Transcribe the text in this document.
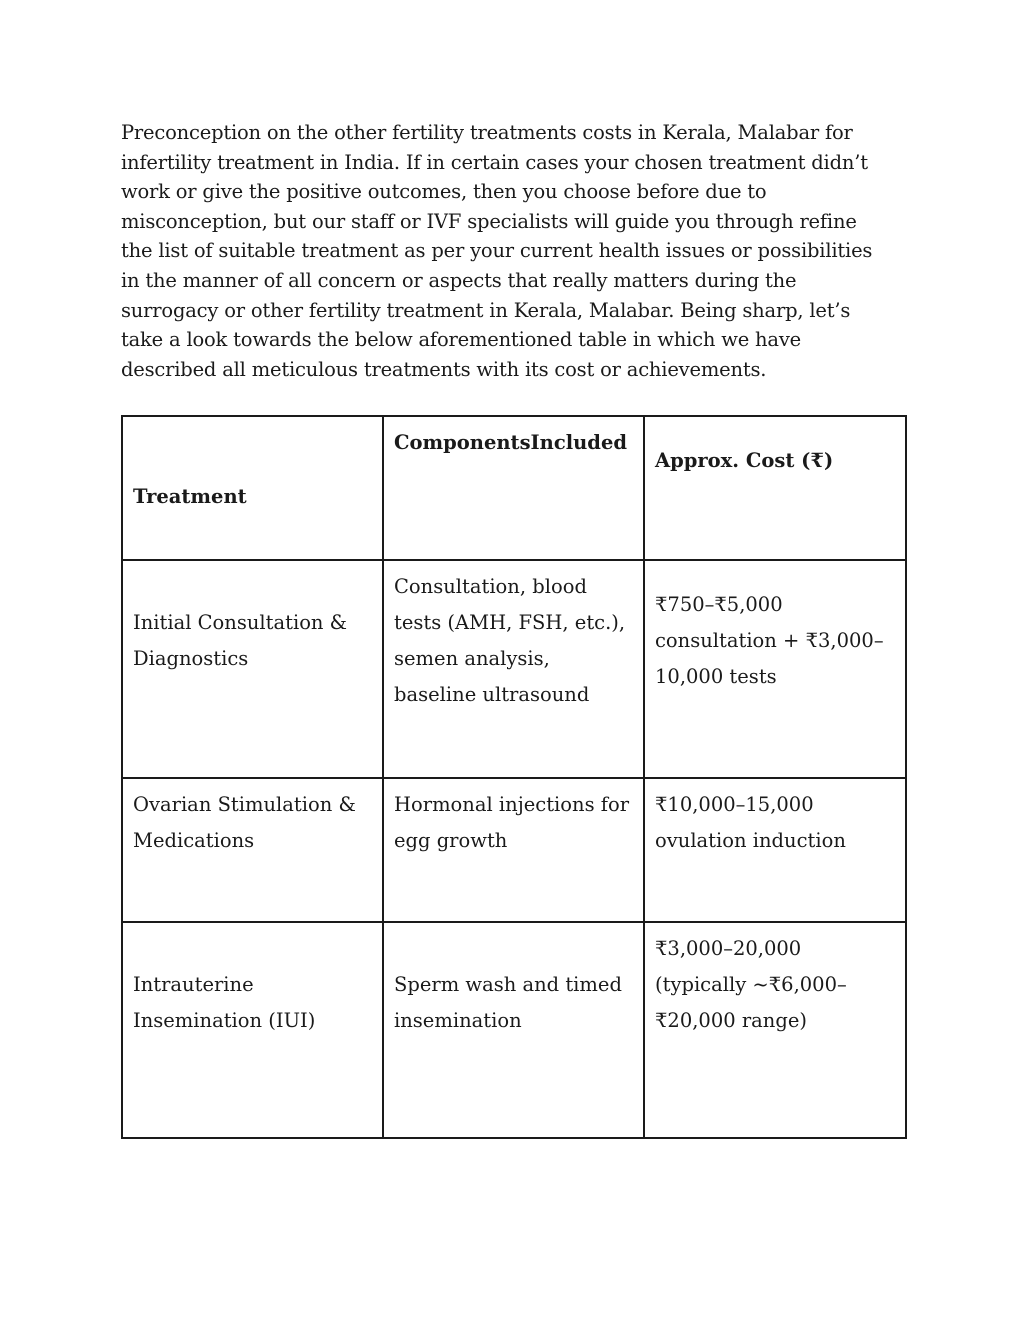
Preconception on the other fertility treatments costs in Kerala, Malabar for infertility treatment in India. If in certain cases your chosen treatment didn’t work or give the positive outcomes, then you choose before due to misconception, but our staff or IVF specialists will guide you through refine the list of suitable treatment as per your current health issues or possibilities in the manner of all concern or aspects that really matters during the surrogacy or other fertility treatment in Kerala, Malabar. Being sharp, let’s take a look towards the below aforementioned table in which we have described all meticulous treatments with its cost or achievements.

Treatment	ComponentsIncluded	Approx. Cost (₹)
Initial Consultation & Diagnostics	Consultation, blood tests (AMH, FSH, etc.), semen analysis, baseline ultrasound	₹750–₹5,000 consultation + ₹3,000–10,000 tests
Ovarian Stimulation & Medications	Hormonal injections for egg growth	₹10,000–15,000 ovulation induction
Intrauterine Insemination (IUI)	Sperm wash and timed insemination	₹3,000–20,000 (typically ~₹6,000–₹20,000 range)
